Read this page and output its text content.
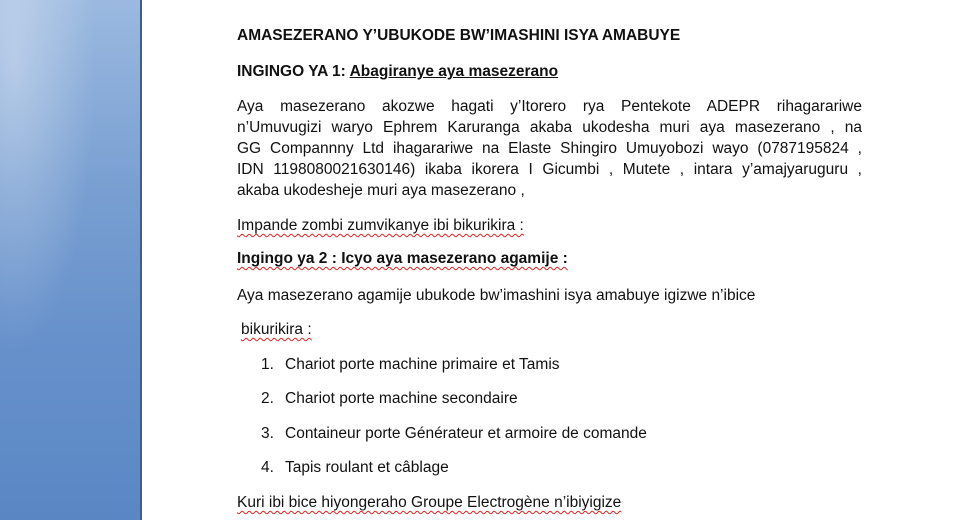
AMASEZERANO Y’UBUKODE BW’IMASHINI ISYA AMABUYE
INGINGO YA 1: Abagiranye aya masezerano
Aya masezerano akozwe hagati y’Itorero rya Pentekote ADEPR rihagarariwe
n’Umuvugizi waryo Ephrem Karuranga akaba ukodesha muri aya masezerano , na
GG Compannny Ltd ihagarariwe na Elaste Shingiro Umuyobozi wayo (0787195824 ,
IDN 1198080021630146) ikaba ikorera I Gicumbi , Mutete , intara y’amajyaruguru ,
akaba ukodesheje muri aya masezerano ,
Impande zombi zumvikanye ibi bikurikira :
Ingingo ya 2 : Icyo aya masezerano agamije :
Aya masezerano agamije ubukode bw’imashini isya amabuye igizwe n’ibice
bikurikira :
1. Chariot porte machine primaire et Tamis
2. Chariot porte machine secondaire
3. Containeur porte Générateur et armoire de comande
4. Tapis roulant et câblage
Kuri ibi bice hiyongeraho Groupe Electrogène n’ibiyigize
